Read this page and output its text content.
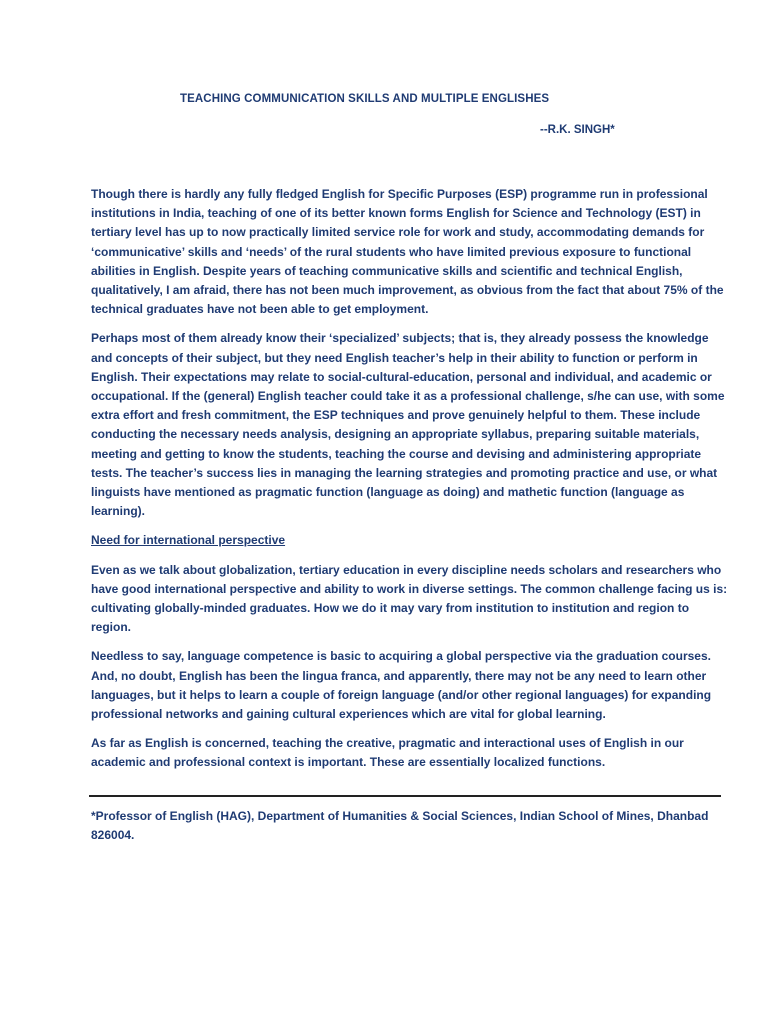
TEACHING COMMUNICATION SKILLS AND MULTIPLE ENGLISHES
--R.K. SINGH*

Though there is hardly any fully fledged English for Specific Purposes (ESP) programme run in professional institutions in India, teaching of one of its better known forms English for Science and Technology (EST) in tertiary level has up to now practically limited service role for work and study, accommodating demands for ‘communicative’ skills and ‘needs’ of the rural students who have limited previous exposure to functional abilities in English. Despite years of teaching communicative skills and scientific and technical English, qualitatively, I am afraid, there has not been much improvement, as obvious from the fact that about 75% of the technical graduates have not been able to get employment.

Perhaps most of them already know their ‘specialized’ subjects; that is, they already possess the knowledge and concepts of their subject, but they need English teacher’s help in their ability to function or perform in English. Their expectations may relate to social-cultural-education, personal and individual, and academic or occupational. If the (general) English teacher could take it as a professional challenge, s/he can use, with some extra effort and fresh commitment, the ESP techniques and prove genuinely helpful to them. These include conducting the necessary needs analysis, designing an appropriate syllabus, preparing suitable materials, meeting and getting to know the students, teaching the course and devising and administering appropriate tests. The teacher’s success lies in managing the learning strategies and promoting practice and use, or what linguists have mentioned as pragmatic function (language as doing) and mathetic function (language as learning).

Need for international perspective

Even as we talk about globalization, tertiary education in every discipline needs scholars and researchers who have good international perspective and ability to work in diverse settings. The common challenge facing us is: cultivating globally-minded graduates. How we do it may vary from institution to institution and region to region.

Needless to say, language competence is basic to acquiring a global perspective via the graduation courses. And, no doubt, English has been the lingua franca, and apparently, there may not be any need to learn other languages, but it helps to learn a couple of foreign language (and/or other regional languages) for expanding professional networks and gaining cultural experiences which are vital for global learning.

As far as English is concerned, teaching the creative, pragmatic and interactional uses of English in our academic and professional context is important. These are essentially localized functions.

*Professor of English (HAG), Department of Humanities & Social Sciences, Indian School of Mines, Dhanbad 826004.
